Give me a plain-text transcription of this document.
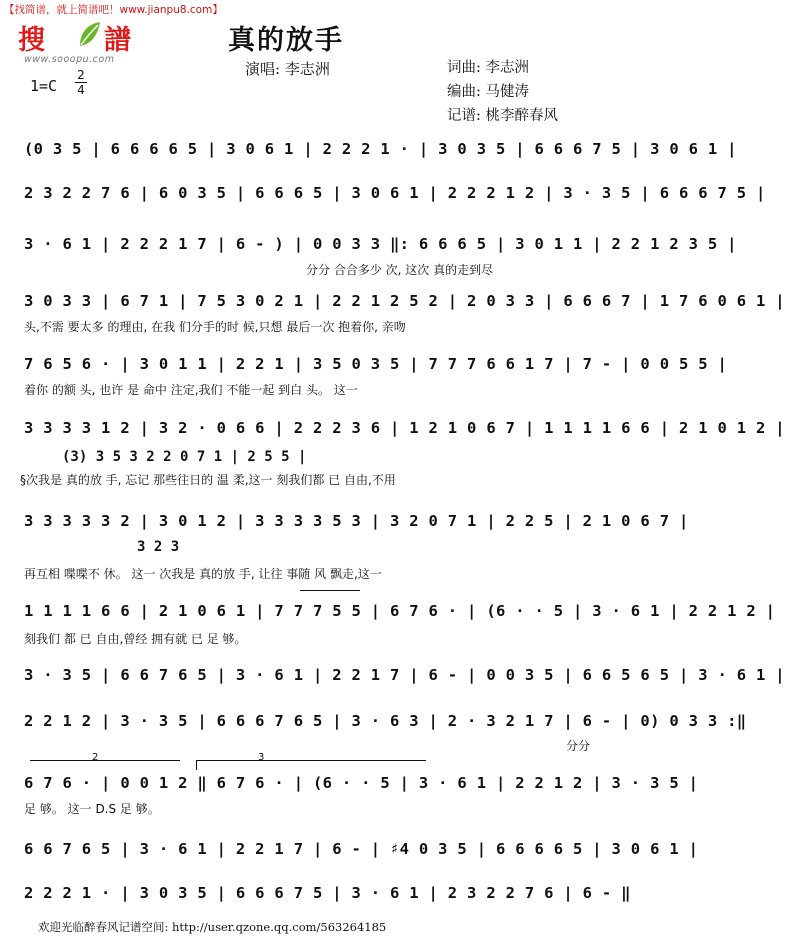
【找简谱，就上简谱吧！www.jianpu8.com】
搜 譜
www.sooopu.com
真的放手
演唱: 李志洲
1=C
2
4
词曲: 李志洲
编曲: 马健涛
记谱: 桃李醉春风
(0 3 5 | 6 6 6 6 5 | 3 0 6 1 | 2 2 2 1 · | 3 0 3 5 | 6 6 6 7 5 | 3 0 6 1 |
2 3 2 2 7 6 | 6 0 3 5 | 6 6 6 5 | 3 0 6 1 | 2 2 2 1 2 | 3 · 3 5 | 6 6 6 7 5 |
3 · 6 1 | 2 2 2 1 7 | 6 - ) | 0 0 3 3 ‖: 6 6 6 5 | 3 0 1 1 | 2 2 1 2 3 5 |
分分 合合多少 次, 这次 真的走到尽
3 0 3 3 | 6 7 1 | 7 5 3 0 2 1 | 2 2 1 2 5 2 | 2 0 3 3 | 6 6 6 7 | 1 7 6 0 6 1 |
头,不需 要太多 的理由, 在我 们分手的时 候,只想 最后一次 抱着你, 亲吻
7 6 5 6 · | 3 0 1 1 | 2 2 1 | 3 5 0 3 5 | 7 7 7 6 6 1 7 | 7 - | 0 0 5 5 |
着你 的额 头, 也许 是 命中 注定,我们 不能一起 到白 头。 这一
3 3 3 3 1 2 | 3 2 · 0 6 6 | 2 2 2 3 6 | 1 2 1 0 6 7 | 1 1 1 1 6 6 | 2 1 0 1 2 |
(3) 3 5 3 2 2 0 7 1 | 2 5 5 |
§次我是 真的放 手, 忘记 那些往日的 温 柔,这一 刻我们都 已 自由,不用
3 3 3 3 3 2 | 3 0 1 2 | 3 3 3 3 5 3 | 3 2 0 7 1 | 2 2 5 | 2 1 0 6 7 |
3 2 3
再互相 喋喋不 休。 这一 次我是 真的放 手, 让往 事随 风 飘走,这一
1 1 1 1 6 6 | 2 1 0 6 1 | 7 7 7 5 5 | 6 7 6 · | (6 · · 5 | 3 · 6 1 | 2 2 1 2 |
刻我们 都 已 自由,曾经 拥有就 已 足 够。
3 · 3 5 | 6 6 7 6 5 | 3 · 6 1 | 2 2 1 7 | 6 - | 0 0 3 5 | 6 6 5 6 5 | 3 · 6 1 |
2 2 1 2 | 3 · 3 5 | 6 6 6 7 6 5 | 3 · 6 3 | 2 · 3 2 1 7 | 6 - | 0) 0 3 3 :‖
分分
2	3
6 7 6 · | 0 0 1 2 ‖ 6 7 6 · | (6 · · 5 | 3 · 6 1 | 2 2 1 2 | 3 · 3 5 |
足 够。 这一 D.S 足 够。
6 6 7 6 5 | 3 · 6 1 | 2 2 1 7 | 6 - | ♯4 0 3 5 | 6 6 6 6 5 | 3 0 6 1 |
2 2 2 1 · | 3 0 3 5 | 6 6 6 7 5 | 3 · 6 1 | 2 3 2 2 7 6 | 6 - ‖
欢迎光临醉春风记谱空间: http://user.qzone.qq.com/563264185
